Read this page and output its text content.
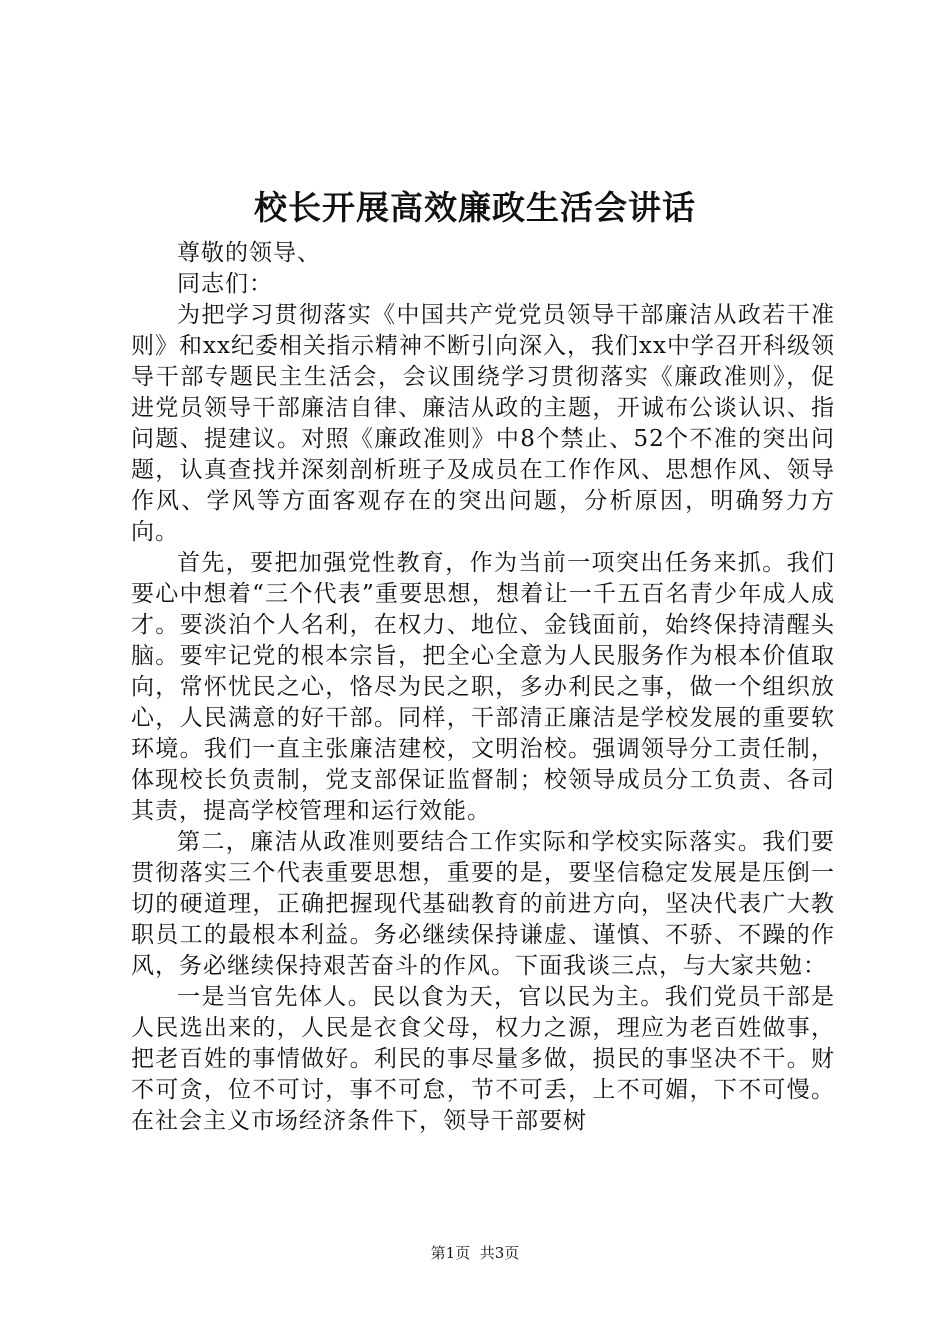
校长开展高效廉政生活会讲话

尊敬的领导、

同志们：

为把学习贯彻落实《中国共产党党员领导干部廉洁从政若干准则》和xx纪委相关指示精神不断引向深入，我们xx中学召开科级领导干部专题民主生活会，会议围绕学习贯彻落实《廉政准则》，促进党员领导干部廉洁自律、廉洁从政的主题，开诚布公谈认识、指问题、提建议。对照《廉政准则》中8个禁止、52个不准的突出问题，认真查找并深刻剖析班子及成员在工作作风、思想作风、领导作风、学风等方面客观存在的突出问题，分析原因，明确努力方向。

首先，要把加强党性教育，作为当前一项突出任务来抓。我们要心中想着“三个代表”重要思想，想着让一千五百名青少年成人成才。要淡泊个人名利，在权力、地位、金钱面前，始终保持清醒头脑。要牢记党的根本宗旨，把全心全意为人民服务作为根本价值取向，常怀忧民之心，恪尽为民之职，多办利民之事，做一个组织放心，人民满意的好干部。同样，干部清正廉洁是学校发展的重要软环境。我们一直主张廉洁建校，文明治校。强调领导分工责任制，体现校长负责制，党支部保证监督制；校领导成员分工负责、各司其责，提高学校管理和运行效能。

第二，廉洁从政准则要结合工作实际和学校实际落实。我们要贯彻落实三个代表重要思想，重要的是，要坚信稳定发展是压倒一切的硬道理，正确把握现代基础教育的前进方向，坚决代表广大教职员工的最根本利益。务必继续保持谦虚、谨慎、不骄、不躁的作风，务必继续保持艰苦奋斗的作风。下面我谈三点，与大家共勉：

一是当官先体人。民以食为天，官以民为主。我们党员干部是人民选出来的，人民是衣食父母，权力之源，理应为老百姓做事，把老百姓的事情做好。利民的事尽量多做，损民的事坚决不干。财不可贪，位不可讨，事不可怠，节不可丢，上不可媚，下不可慢。在社会主义市场经济条件下，领导干部要树

第1页 共3页
